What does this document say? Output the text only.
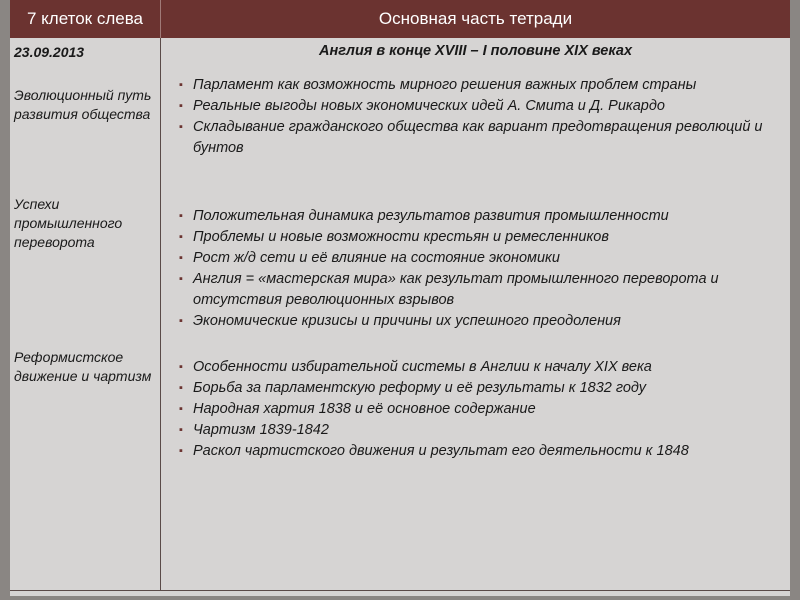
7 клеток слева	Основная часть тетради
23.09.2013
Эволюционный путь развития общества
Успехи промышленного переворота
Реформистское движение и чартизм
Англия в конце XVIII – I половине XIX веках
▪ Парламент как возможность мирного решения важных проблем страны
▪ Реальные выгоды новых экономических идей А. Смита и Д. Рикардо
▪ Складывание гражданского общества как вариант предотвращения революций и бунтов
▪ Положительная динамика результатов развития промышленности
▪ Проблемы и новые возможности крестьян и ремесленников
▪ Рост ж/д сети и её влияние на состояние экономики
▪ Англия = «мастерская мира» как результат промышленного переворота и отсутствия революционных взрывов
▪ Экономические кризисы и причины их успешного преодоления
▪ Особенности избирательной системы в Англии к началу XIX века
▪ Борьба за парламентскую реформу и её результаты к 1832 году
▪ Народная хартия 1838 и её основное содержание
▪ Чартизм 1839-1842
▪ Раскол чартистского движения и результат его деятельности к 1848
